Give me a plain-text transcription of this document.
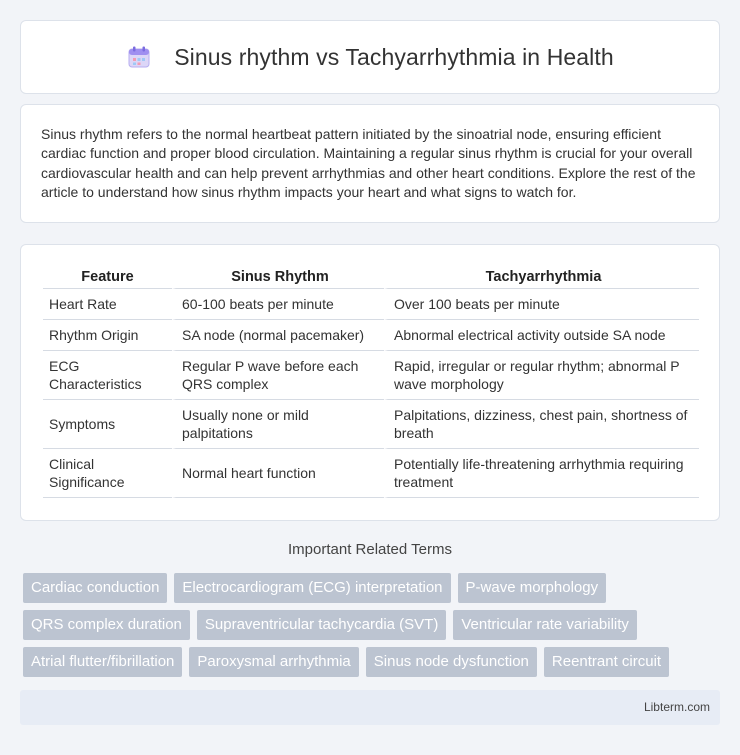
Sinus rhythm vs Tachyarrhythmia in Health

Sinus rhythm refers to the normal heartbeat pattern initiated by the sinoatrial node, ensuring efficient cardiac function and proper blood circulation. Maintaining a regular sinus rhythm is crucial for your overall cardiovascular health and can help prevent arrhythmias and other heart conditions. Explore the rest of the article to understand how sinus rhythm impacts your heart and what signs to watch for.

Feature	Sinus Rhythm	Tachyarrhythmia
Heart Rate	60-100 beats per minute	Over 100 beats per minute
Rhythm Origin	SA node (normal pacemaker)	Abnormal electrical activity outside SA node
ECG Characteristics	Regular P wave before each QRS complex	Rapid, irregular or regular rhythm; abnormal P wave morphology
Symptoms	Usually none or mild palpitations	Palpitations, dizziness, chest pain, shortness of breath
Clinical Significance	Normal heart function	Potentially life-threatening arrhythmia requiring treatment
Important Related Terms
Cardiac conduction	Electrocardiogram (ECG) interpretation	P-wave morphology
QRS complex duration	Supraventricular tachycardia (SVT)	Ventricular rate variability
Atrial flutter/fibrillation	Paroxysmal arrhythmia	Sinus node dysfunction	Reentrant circuit
Libterm.com
